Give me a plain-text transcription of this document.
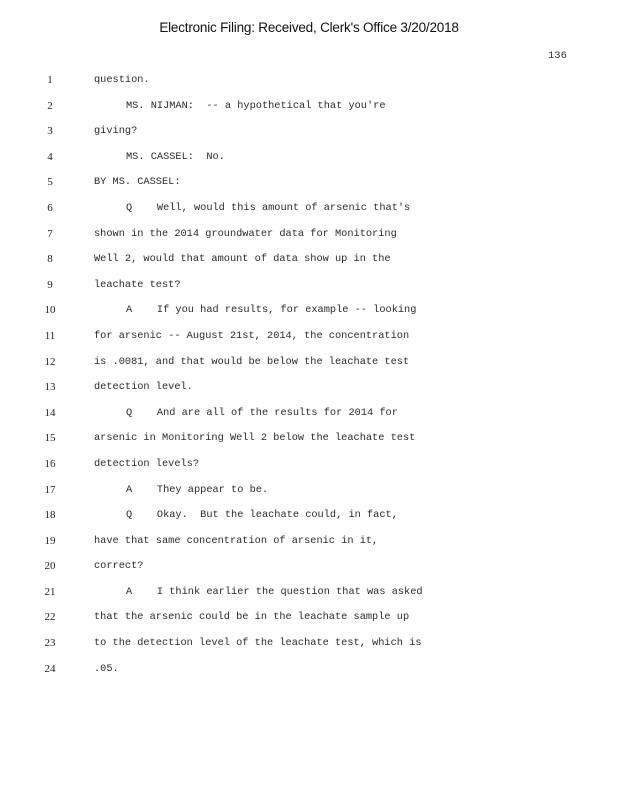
Electronic Filing: Received, Clerk's Office 3/20/2018
136
1	question.
2	MS. NIJMAN:  -- a hypothetical that you're
3	giving?
4	MS. CASSEL:  No.
5	BY MS. CASSEL:
6	Q    Well, would this amount of arsenic that's
7	shown in the 2014 groundwater data for Monitoring
8	Well 2, would that amount of data show up in the
9	leachate test?
10	A    If you had results, for example -- looking
11	for arsenic -- August 21st, 2014, the concentration
12	is .0081, and that would be below the leachate test
13	detection level.
14	Q    And are all of the results for 2014 for
15	arsenic in Monitoring Well 2 below the leachate test
16	detection levels?
17	A    They appear to be.
18	Q    Okay.  But the leachate could, in fact,
19	have that same concentration of arsenic in it,
20	correct?
21	A    I think earlier the question that was asked
22	that the arsenic could be in the leachate sample up
23	to the detection level of the leachate test, which is
24	.05.
